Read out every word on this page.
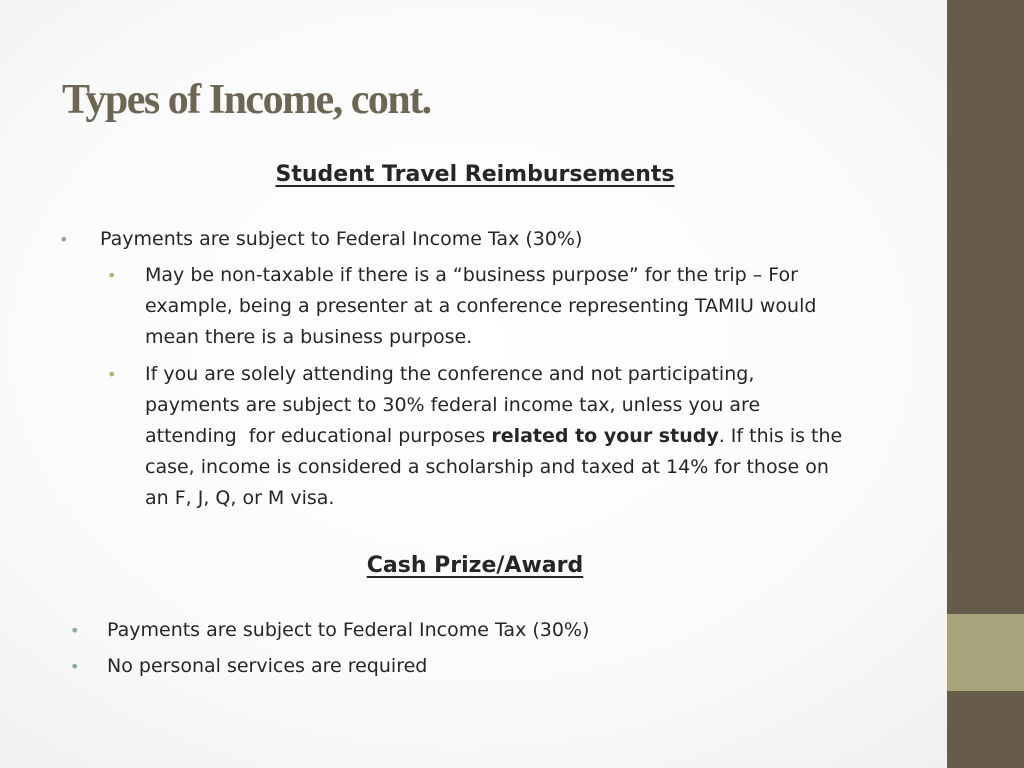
Types of Income, cont.
Student Travel Reimbursements
• Payments are subject to Federal Income Tax (30%)
• May be non-taxable if there is a “business purpose” for the trip – For
example, being a presenter at a conference representing TAMIU would
mean there is a business purpose.
• If you are solely attending the conference and not participating,
payments are subject to 30% federal income tax, unless you are
attending  for educational purposes related to your study. If this is the
case, income is considered a scholarship and taxed at 14% for those on
an F, J, Q, or M visa.
Cash Prize/Award
• Payments are subject to Federal Income Tax (30%)
• No personal services are required
